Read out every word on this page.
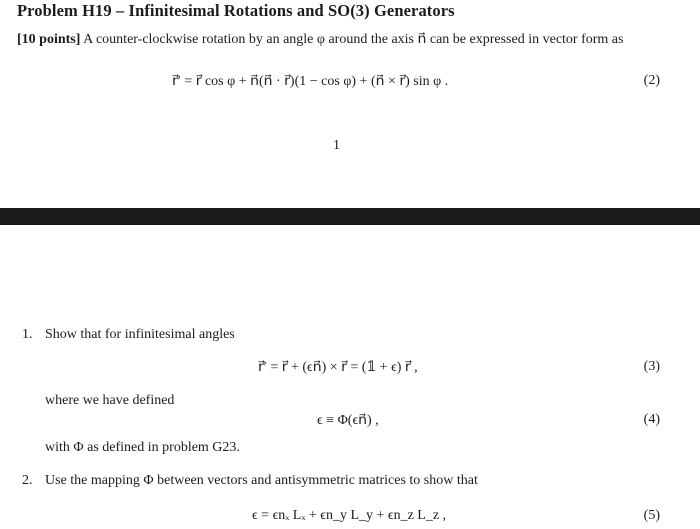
Problem H19 – Infinitesimal Rotations and SO(3) Generators
[10 points] A counter-clockwise rotation by an angle φ around the axis n⃗ can be expressed in vector form as
r⃗′ = r⃗ cos φ + n⃗(n⃗ · r⃗)(1 − cos φ) + (n⃗ × r⃗) sin φ .	(2)
1
1. Show that for infinitesimal angles
r⃗′ = r⃗ + (ϵn⃗) × r⃗ = (𝟙 + ϵ) r⃗ ,	(3)
where we have defined
ϵ ≡ Φ(ϵn⃗) ,	(4)
with Φ as defined in problem G23.
2. Use the mapping Φ between vectors and antisymmetric matrices to show that
ϵ = ϵnₓ Lₓ + ϵn_y L_y + ϵn_z L_z ,	(5)
